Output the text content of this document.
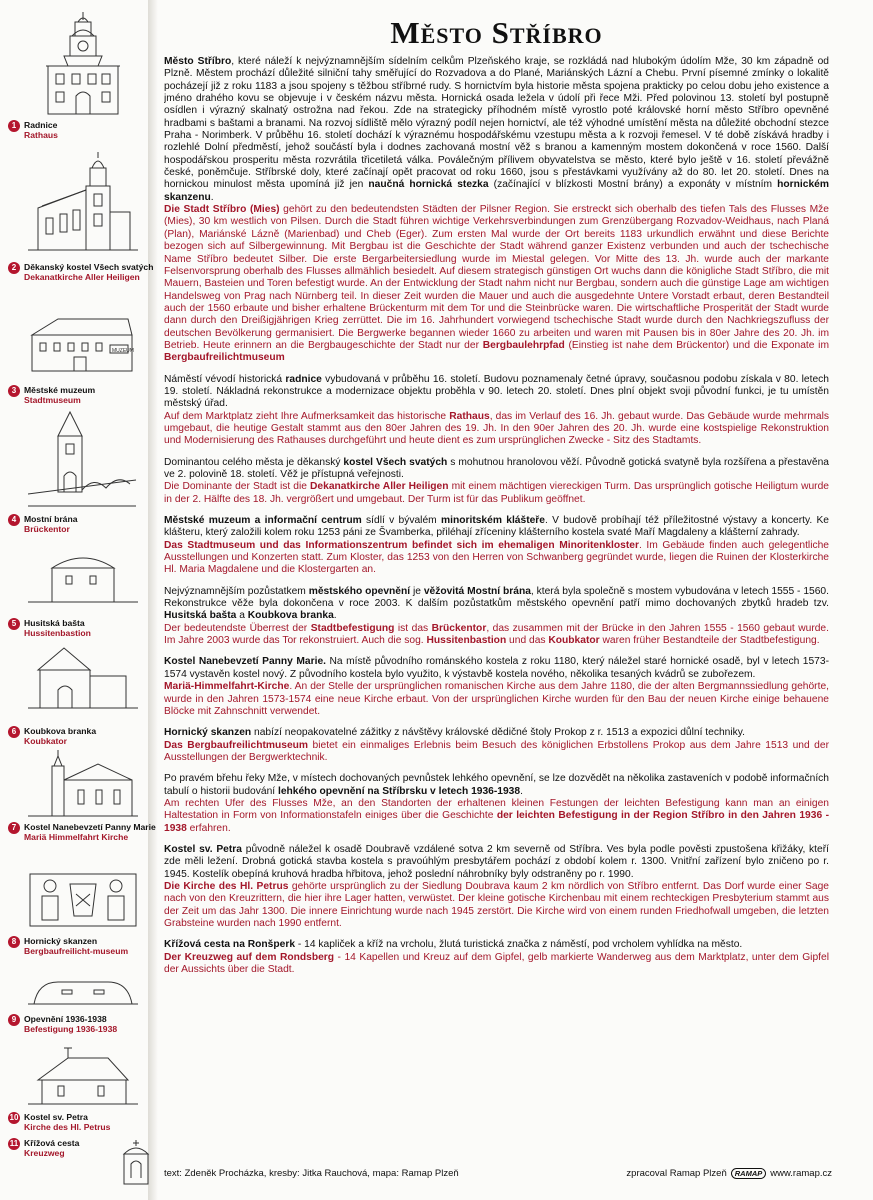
1 Radnice
Rathaus
2 Děkanský kostel Všech svatých
Dekanatkirche Aller Heiligen
MUZEUM
3 Městské muzeum
Stadtmuseum
4 Mostní brána
Brückentor
5 Husitská bašta
Hussitenbastion
6 Koubkova branka
Koubkator
7 Kostel Nanebevzetí Panny Marie
Mariä Himmelfahrt Kirche
8 Hornický skanzen
Bergbaufreilicht-museum
9 Opevnění 1936-1938
Befestigung 1936-1938
10 Kostel sv. Petra
Kirche des Hl. Petrus
11 Křížová cesta
Kreuzweg
Město Stříbro

Město Stříbro, které náleží k nejvýznamnějším sídelním celkům Plzeňského kraje, se rozkládá nad hlubokým údolím Mže, 30 km západně od Plzně. Městem prochází důležité silniční tahy směřující do Rozvadova a do Plané, Mariánských Lázní a Chebu. První písemné zmínky o lokalitě pocházejí již z roku 1183 a jsou spojeny s těžbou stříbrné rudy. S hornictvím byla historie města spojena prakticky po celou dobu jeho existence a jméno drahého kovu se objevuje i v českém názvu města. Hornická osada ležela v údolí při řece Mži. Před polovinou 13. století byl postupně osídlen i výrazný skalnatý ostrožna nad řekou. Zde na strategicky příhodném místě vyrostlo poté královské horní město Stříbro opevněné hradbami s baštami a branami. Na rozvoj sídliště mělo výrazný podíl nejen hornictví, ale též výhodné umístění města na důležité obchodní stezce Praha - Norimberk. V průběhu 16. století dochází k výraznému hospodářskému vzestupu města a k rozvoji řemesel. V té době získává hradby i rozlehlé Dolní předměstí, jehož součástí byla i dodnes zachovaná mostní věž s branou a kamenným mostem dokončená v roce 1560. Další hospodářskou prosperitu města rozvrátila třicetiletá válka. Poválečným přílivem obyvatelstva se město, které bylo ještě v 16. století převážně české, poněmčuje. Stříbrské doly, které začínají opět pracovat od roku 1660, jsou s přestávkami využívány až do 80. let 20. století. Dnes na hornickou minulost města upomíná již jen naučná hornická stezka (začínající v blízkosti Mostní brány) a exponáty v místním hornickém skanzenu.

Die Stadt Stříbro (Mies) gehört zu den bedeutendsten Städten der Pilsner Region. Sie erstreckt sich oberhalb des tiefen Tals des Flusses Mže (Mies), 30 km westlich von Pilsen. Durch die Stadt führen wichtige Verkehrsverbindungen zum Grenzübergang Rozvadov-Weidhaus, nach Planá (Plan), Mariánské Lázně (Marienbad) und Cheb (Eger). Zum ersten Mal wurde der Ort bereits 1183 urkundlich erwähnt und diese Berichte bezogen sich auf Silbergewinnung. Mit Bergbau ist die Geschichte der Stadt während ganzer Existenz verbunden und auch der tschechische Name Stříbro bedeutet Silber. Die erste Bergarbeitersiedlung wurde im Miestal gelegen. Vor Mitte des 13. Jh. wurde auch der markante Felsenvorsprung oberhalb des Flusses allmählich besiedelt. Auf diesem strategisch günstigen Ort wuchs dann die königliche Stadt Stříbro, die mit Mauern, Basteien und Toren befestigt wurde. An der Entwicklung der Stadt nahm nicht nur Bergbau, sondern auch die günstige Lage am wichtigen Handelsweg von Prag nach Nürnberg teil. In dieser Zeit wurden die Mauer und auch die ausgedehnte Untere Vorstadt erbaut, deren Bestandteil auch der 1560 erbaute und bisher erhaltene Brückenturm mit dem Tor und die Steinbrücke waren. Die wirtschaftliche Prosperität der Stadt wurde dann durch den Dreißigjährigen Krieg zerrüttet. Die im 16. Jahrhundert vorwiegend tschechische Stadt wurde durch den Nachkriegszufluss der deutschen Bevölkerung germanisiert. Die Bergwerke begannen wieder 1660 zu arbeiten und waren mit Pausen bis in 80er Jahre des 20. Jh. im Betrieb. Heute erinnern an die Bergbaugeschichte der Stadt nur der Bergbaulehrpfad (Einstieg ist nahe dem Brückentor) und die Exponate im Bergbaufreilichtmuseum

Náměstí vévodí historická radnice vybudovaná v průběhu 16. století. Budovu poznamenaly četné úpravy, současnou podobu získala v 80. letech 19. století. Nákladná rekonstrukce a modernizace objektu proběhla v 90. letech 20. století. Dnes plní objekt svoji původní funkci, je tu umístěn městský úřad.

Auf dem Marktplatz zieht Ihre Aufmerksamkeit das historische Rathaus, das im Verlauf des 16. Jh. gebaut wurde. Das Gebäude wurde mehrmals umgebaut, die heutige Gestalt stammt aus den 80er Jahren des 19. Jh. In den 90er Jahren des 20. Jh. wurde eine kostspielige Rekonstruktion und Modernisierung des Rathauses durchgeführt und heute dient es zum ursprünglichen Zwecke - Sitz des Stadtamts.

Dominantou celého města je děkanský kostel Všech svatých s mohutnou hranolovou věží. Původně gotická svatyně byla rozšířena a přestavěna ve 2. polovině 18. století. Věž je přístupná veřejnosti.

Die Dominante der Stadt ist die Dekanatkirche Aller Heiligen mit einem mächtigen viereckigen Turm. Das ursprünglich gotische Heiligtum wurde in der 2. Hälfte des 18. Jh. vergrößert und umgebaut. Der Turm ist für das Publikum geöffnet.

Městské muzeum a informační centrum sídlí v bývalém minoritském klášteře. V budově probíhají též příležitostné výstavy a koncerty. Ke klášteru, který založili kolem roku 1253 páni ze Švamberka, přiléhají zříceniny klášterního kostela svaté Maří Magdaleny a klášterní zahrady.

Das Stadtmuseum und das Informationszentrum befindet sich im ehemaligen Minoritenkloster. Im Gebäude finden auch gelegentliche Ausstellungen und Konzerten statt. Zum Kloster, das 1253 von den Herren von Schwanberg gegründet wurde, liegen die Ruinen der Klosterkirche Hl. Maria Magdalene und die Klostergarten an.

Nejvýznamnějším pozůstatkem městského opevnění je věžovitá Mostní brána, která byla společně s mostem vybudována v letech 1555 - 1560. Rekonstrukce věže byla dokončena v roce 2003. K dalším pozůstatkům městského opevnění patří mimo dochovaných zbytků hradeb tzv. Husitská bašta a Koubkova branka.

Der bedeutendste Überrest der Stadtbefestigung ist das Brückentor, das zusammen mit der Brücke in den Jahren 1555 - 1560 gebaut wurde. Im Jahre 2003 wurde das Tor rekonstruiert. Auch die sog. Hussitenbastion und das Koubkator waren früher Bestandteile der Stadtbefestigung.

Kostel Nanebevzetí Panny Marie. Na místě původního románského kostela z roku 1180, který náležel staré hornické osadě, byl v letech 1573-1574 vystavěn kostel nový. Z původního kostela bylo využito, k výstavbě kostela nového, několika tesaných kvádrů se zubořezem.

Mariä-Himmelfahrt-Kirche. An der Stelle der ursprünglichen romanischen Kirche aus dem Jahre 1180, die der alten Bergmannssiedlung gehörte, wurde in den Jahren 1573-1574 eine neue Kirche erbaut. Von der ursprünglichen Kirche wurden für den Bau der neuen Kirche einige behauene Blöcke mit Zahnschnitt verwendet.

Hornický skanzen nabízí neopakovatelné zážitky z návštěvy královské dědičné štoly Prokop z r. 1513 a expozici důlní techniky.

Das Bergbaufreilichtmuseum bietet ein einmaliges Erlebnis beim Besuch des königlichen Erbstollens Prokop aus dem Jahre 1513 und der Ausstellungen der Bergwerktechnik.

Po pravém břehu řeky Mže, v místech dochovaných pevnůstek lehkého opevnění, se lze dozvědět na několika zastaveních v podobě informačních tabulí o historii budování lehkého opevnění na Stříbrsku v letech 1936-1938.

Am rechten Ufer des Flusses Mže, an den Standorten der erhaltenen kleinen Festungen der leichten Befestigung kann man an einigen Haltestation in Form von Informationstafeln einiges über die Geschichte der leichten Befestigung in der Region Stříbro in den Jahren 1936 - 1938 erfahren.

Kostel sv. Petra původně náležel k osadě Doubravě vzdálené sotva 2 km severně od Stříbra. Ves byla podle pověsti zpustošena křižáky, kteří zde měli ležení. Drobná gotická stavba kostela s pravoúhlým presbytářem pochází z období kolem r. 1300. Vnitřní zařízení bylo zničeno po r. 1945. Kostelík obepíná kruhová hradba hřbitova, jehož poslední náhrobníky byly odstraněny po r. 1990.

Die Kirche des Hl. Petrus gehörte ursprünglich zu der Siedlung Doubrava kaum 2 km nördlich von Stříbro entfernt. Das Dorf wurde einer Sage nach von den Kreuzrittern, die hier ihre Lager hatten, verwüstet. Der kleine gotische Kirchenbau mit einem rechteckigen Presbyterium stammt aus der Zeit um das Jahr 1300. Die innere Einrichtung wurde nach 1945 zerstört. Die Kirche wird von einem runden Friedhofwall umgeben, die letzten Grabsteine wurden nach 1990 entfernt.

Křížová cesta na Ronšperk - 14 kapliček a kříž na vrcholu, žlutá turistická značka z náměstí, pod vrcholem vyhlídka na město.

Der Kreuzweg auf dem Rondsberg - 14 Kapellen und Kreuz auf dem Gipfel, gelb markierte Wanderweg aus dem Marktplatz, unter dem Gipfel der Aussichts über die Stadt.

text: Zdeněk Procházka, kresby: Jitka Rauchová, mapa: Ramap Plzeň	zpracoval Ramap Plzeň RAMAP www.ramap.cz
